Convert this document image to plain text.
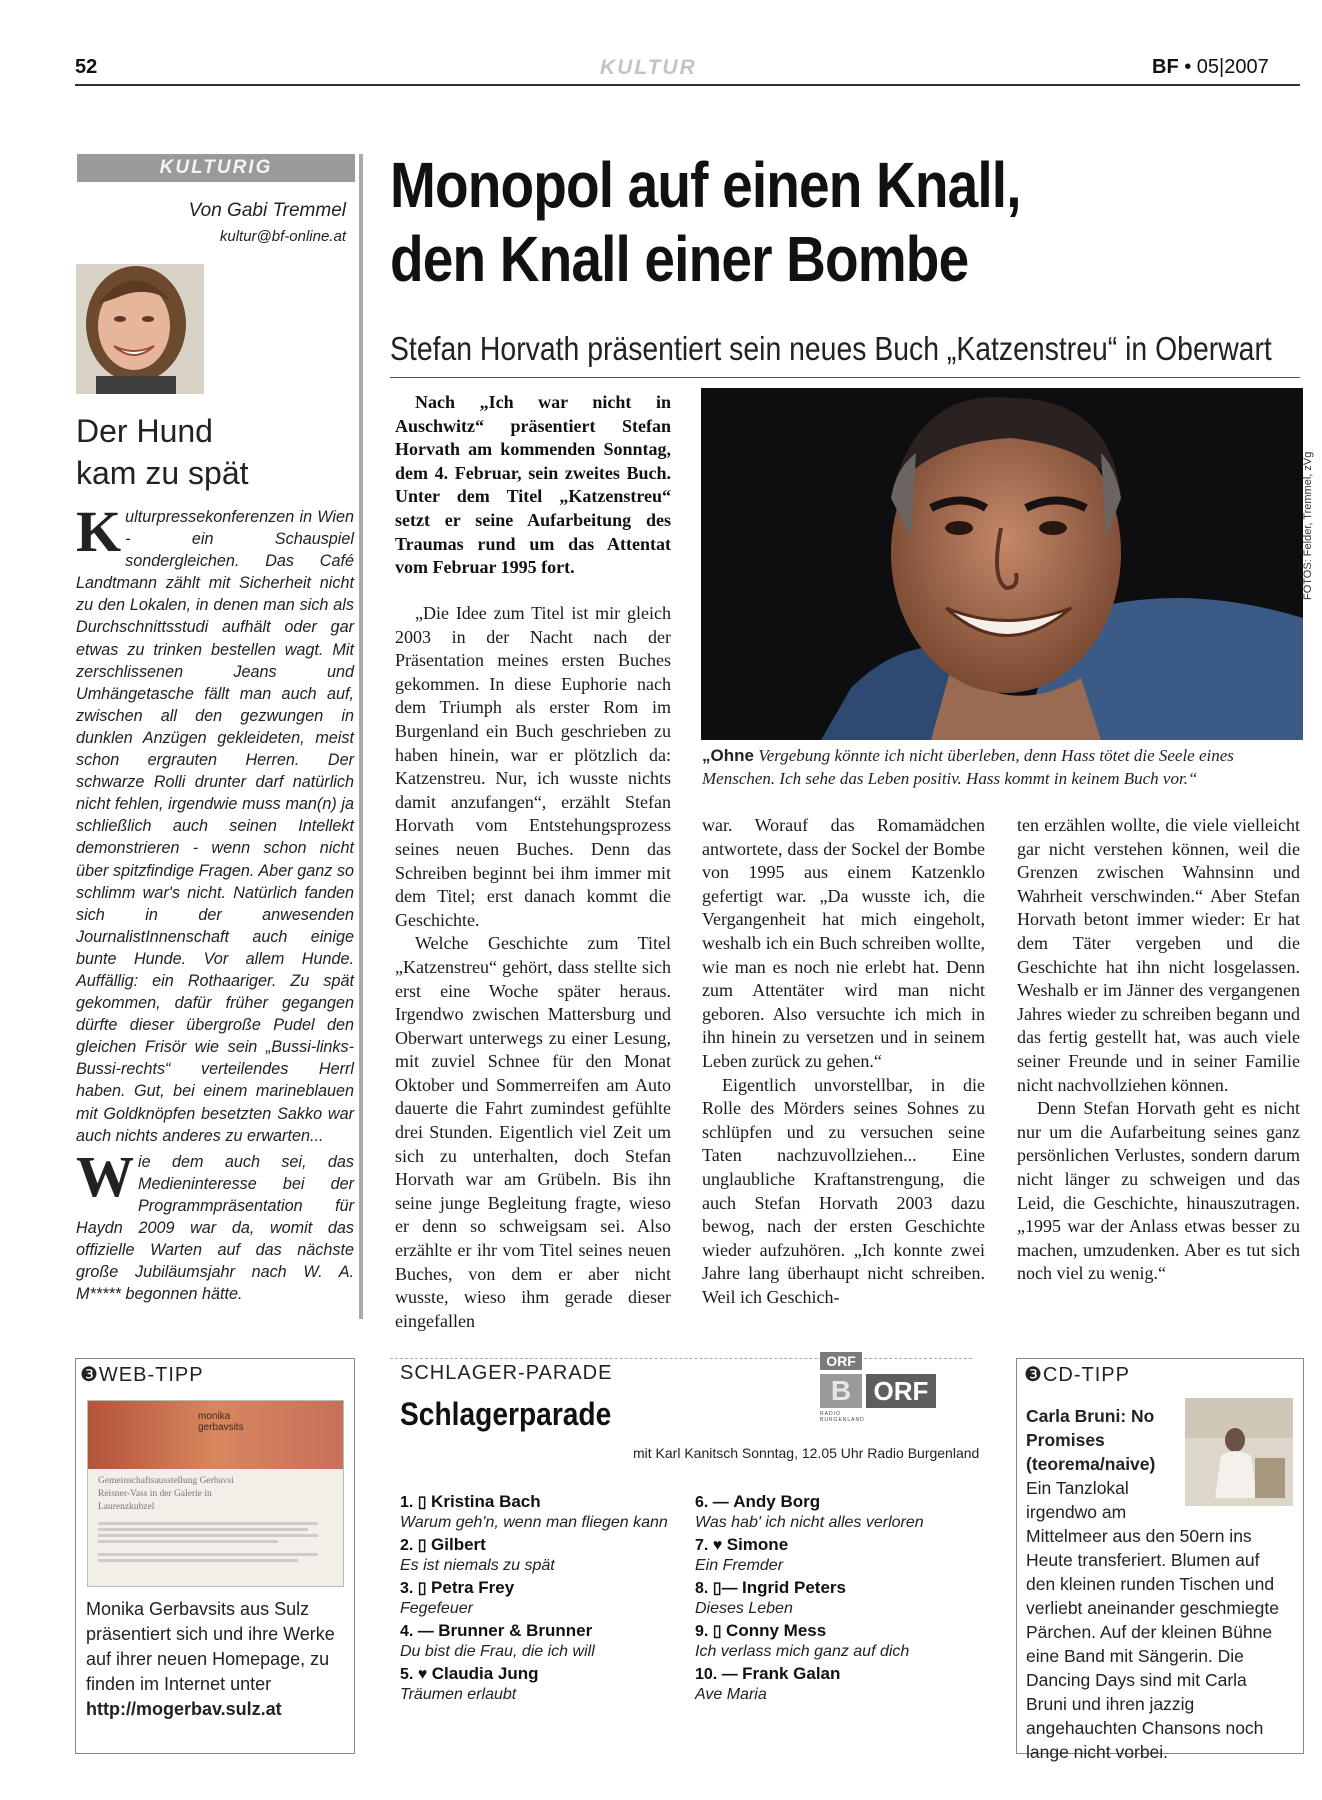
52	KULTUR	BF • 05|2007
KULTURIG
Von Gabi Tremmel
kultur@bf-online.at
Der Hund
kam zu spät

Kulturpressekonferenzen in Wien - ein Schauspiel sondergleichen. Das Café Landtmann zählt mit Sicherheit nicht zu den Lokalen, in denen man sich als Durchschnittsstudi aufhält oder gar etwas zu trinken bestellen wagt. Mit zerschlissenen Jeans und Umhängetasche fällt man auch auf, zwischen all den gezwungen in dunklen Anzügen gekleideten, meist schon ergrauten Herren. Der schwarze Rolli drunter darf natürlich nicht fehlen, irgendwie muss man(n) ja schließlich auch seinen Intellekt demonstrieren - wenn schon nicht über spitzfindige Fragen. Aber ganz so schlimm war's nicht. Natürlich fanden sich in der anwesenden JournalistInnenschaft auch einige bunte Hunde. Vor allem Hunde. Auffällig: ein Rothaariger. Zu spät gekommen, dafür früher gegangen dürfte dieser übergroße Pudel den gleichen Frisör wie sein „Bussi-links-Bussi-rechts“ verteilendes Herrl haben. Gut, bei einem marineblauen mit Goldknöpfen besetzten Sakko war auch nichts anderes zu erwarten...

Wie dem auch sei, das Medieninteresse bei der Programmpräsentation für Haydn 2009 war da, womit das offizielle Warten auf das nächste große Jubiläumsjahr nach W. A. M***** begonnen hätte.

Monopol auf einen Knall,
den Knall einer Bombe
Stefan Horvath präsentiert sein neues Buch „Katzenstreu“ in Oberwart

Nach „Ich war nicht in Auschwitz“ präsentiert Stefan Horvath am kommenden Sonntag, dem 4. Februar, sein zweites Buch. Unter dem Titel „Katzenstreu“ setzt er seine Aufarbeitung des Traumas rund um das Attentat vom Februar 1995 fort.

„Die Idee zum Titel ist mir gleich 2003 in der Nacht nach der Präsentation meines ersten Buches gekommen. In diese Euphorie nach dem Triumph als erster Rom im Burgenland ein Buch geschrieben zu haben hinein, war er plötzlich da: Katzenstreu. Nur, ich wusste nichts damit anzufangen“, erzählt Stefan Horvath vom Entstehungsprozess seines neuen Buches. Denn das Schreiben beginnt bei ihm immer mit dem Titel; erst danach kommt die Geschichte.

Welche Geschichte zum Titel „Katzenstreu“ gehört, dass stellte sich erst eine Woche später heraus. Irgendwo zwischen Mattersburg und Oberwart unterwegs zu einer Lesung, mit zuviel Schnee für den Monat Oktober und Sommerreifen am Auto dauerte die Fahrt zumindest gefühlte drei Stunden. Eigentlich viel Zeit um sich zu unterhalten, doch Stefan Horvath war am Grübeln. Bis ihn seine junge Begleitung fragte, wieso er denn so schweigsam sei. Also erzählte er ihr vom Titel seines neuen Buches, von dem er aber nicht wusste, wieso ihm gerade dieser eingefallen

FOTOS: Felder, Tremmel, zVg
„Ohne Vergebung könnte ich nicht überleben, denn Hass tötet die Seele eines Menschen. Ich sehe das Leben positiv. Hass kommt in keinem Buch vor.“

war. Worauf das Romamädchen antwortete, dass der Sockel der Bombe von 1995 aus einem Katzenklo gefertigt war. „Da wusste ich, die Vergangenheit hat mich eingeholt, weshalb ich ein Buch schreiben wollte, wie man es noch nie erlebt hat. Denn zum Attentäter wird man nicht geboren. Also versuchte ich mich in ihn hinein zu versetzen und in seinem Leben zurück zu gehen.“

Eigentlich unvorstellbar, in die Rolle des Mörders seines Sohnes zu schlüpfen und zu versuchen seine Taten nachzuvollziehen... Eine unglaubliche Kraftanstrengung, die auch Stefan Horvath 2003 dazu bewog, nach der ersten Geschichte wieder aufzuhören. „Ich konnte zwei Jahre lang überhaupt nicht schreiben. Weil ich Geschich-

ten erzählen wollte, die viele vielleicht gar nicht verstehen können, weil die Grenzen zwischen Wahnsinn und Wahrheit verschwinden.“ Aber Stefan Horvath betont immer wieder: Er hat dem Täter vergeben und die Geschichte hat ihn nicht losgelassen. Weshalb er im Jänner des vergangenen Jahres wieder zu schreiben begann und das fertig gestellt hat, was auch viele seiner Freunde und in seiner Familie nicht nachvollziehen können.

Denn Stefan Horvath geht es nicht nur um die Aufarbeitung seines ganz persönlichen Verlustes, sondern darum nicht länger zu schweigen und das Leid, die Geschichte, hinauszutragen. „1995 war der Anlass etwas besser zu machen, umzudenken. Aber es tut sich noch viel zu wenig.“

❸WEB-TIPP
monika gerbavsits
Gemeinschaftsausstellung Gerbavsi
Reisner-Vass in der Galerie in
Laurenzkubzel
Monika Gerbavsits aus Sulz präsentiert sich und ihre Werke auf ihrer neuen Homepage, zu finden im Internet unter
http://mogerbav.sulz.at
SCHLAGER-PARADE
Schlagerparade
ORF
B ORF
RADIO BURGENLAND
mit Karl Kanitsch Sonntag, 12.05 Uhr Radio Burgenland
1. ▯ Kristina Bach
Warum geh'n, wenn man fliegen kann
2. ▯ Gilbert
Es ist niemals zu spät
3. ▯ Petra Frey
Fegefeuer
4. — Brunner & Brunner
Du bist die Frau, die ich will
5. ♥ Claudia Jung
Träumen erlaubt
6. — Andy Borg
Was hab' ich nicht alles verloren
7. ♥ Simone
Ein Fremder
8. ▯— Ingrid Peters
Dieses Leben
9. ▯ Conny Mess
Ich verlass mich ganz auf dich
10. — Frank Galan
Ave Maria
❸CD-TIPP
Carla Bruni: No Promises (teorema/naive) Ein Tanzlokal irgendwo am Mittelmeer aus den 50ern ins Heute transferiert. Blumen auf den kleinen runden Tischen und verliebt aneinander geschmiegte Pärchen. Auf der kleinen Bühne eine Band mit Sängerin. Die Dancing Days sind mit Carla Bruni und ihren jazzig angehauchten Chansons noch lange nicht vorbei.
